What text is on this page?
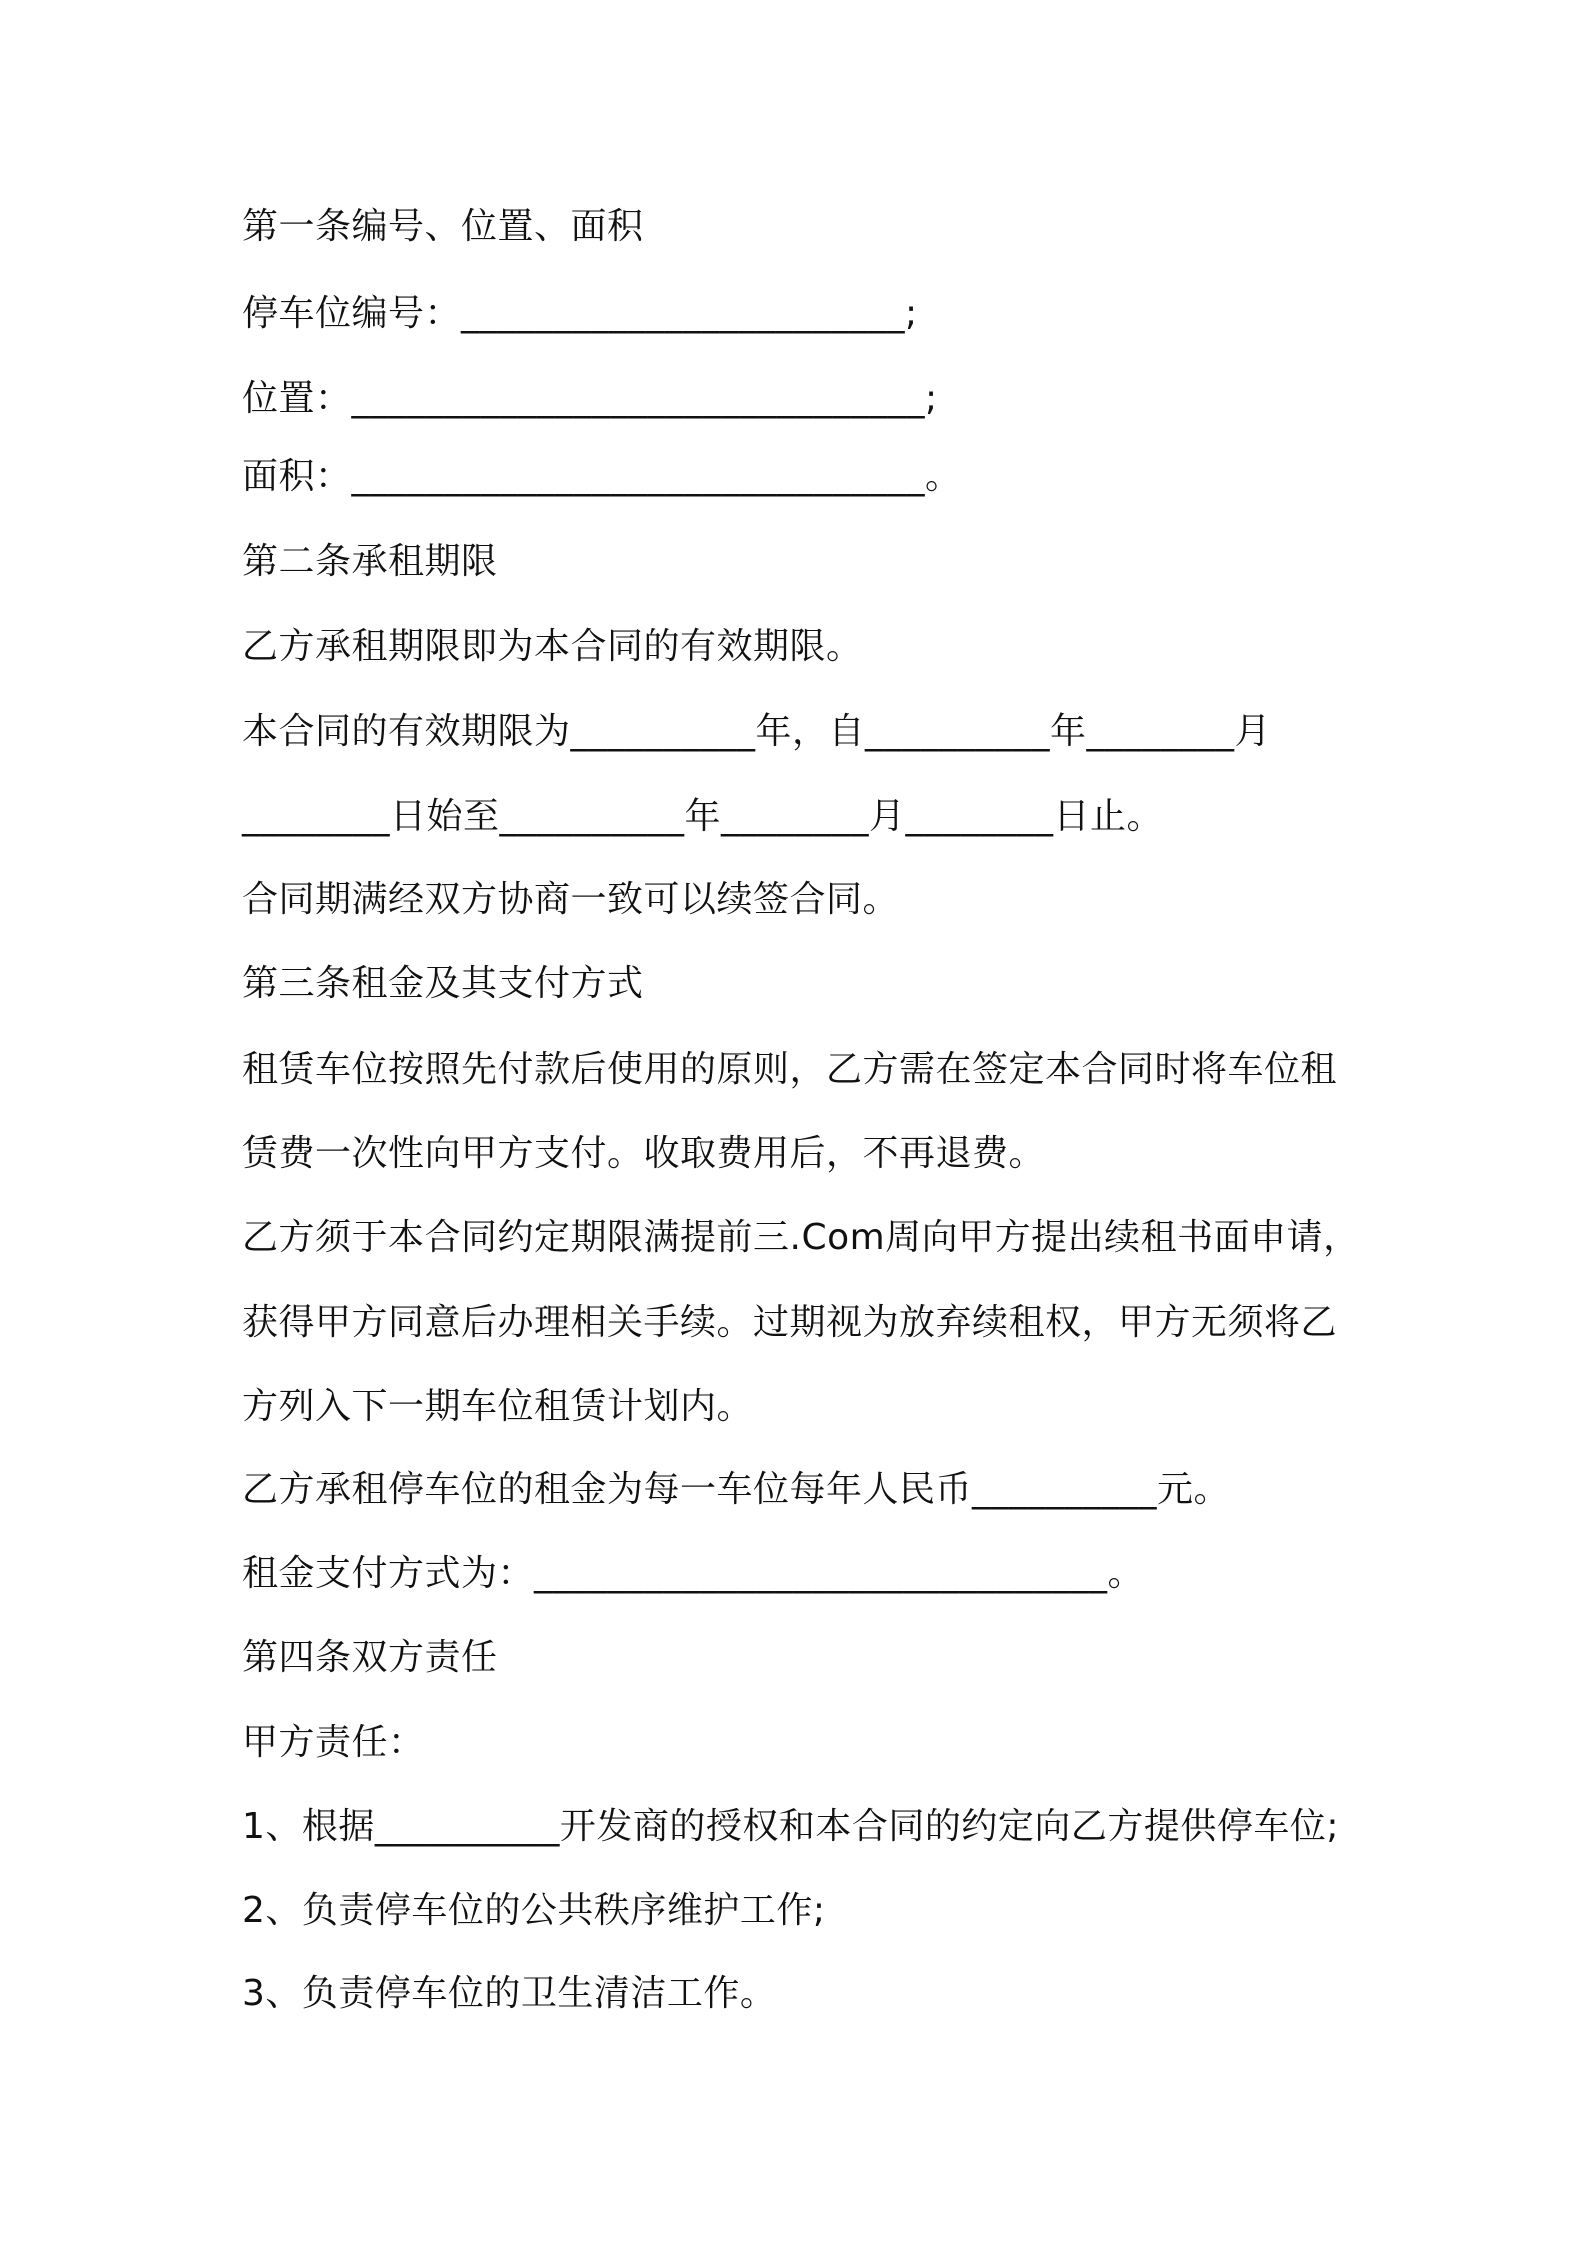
第一条编号、位置、面积

停车位编号：________________________;

位置：_______________________________;

面积：_______________________________。

第二条承租期限

乙方承租期限即为本合同的有效期限。

本合同的有效期限为__________年，自__________年________月

________日始至__________年________月________日止。

合同期满经双方协商一致可以续签合同。

第三条租金及其支付方式

租赁车位按照先付款后使用的原则，乙方需在签定本合同时将车位租

赁费一次性向甲方支付。收取费用后，不再退费。

乙方须于本合同约定期限满提前三.Com周向甲方提出续租书面申请，

获得甲方同意后办理相关手续。过期视为放弃续租权，甲方无须将乙

方列入下一期车位租赁计划内。

乙方承租停车位的租金为每一车位每年人民币__________元。

租金支付方式为：_______________________________。

第四条双方责任

甲方责任：

1、根据__________开发商的授权和本合同的约定向乙方提供停车位;

2、负责停车位的公共秩序维护工作;

3、负责停车位的卫生清洁工作。
